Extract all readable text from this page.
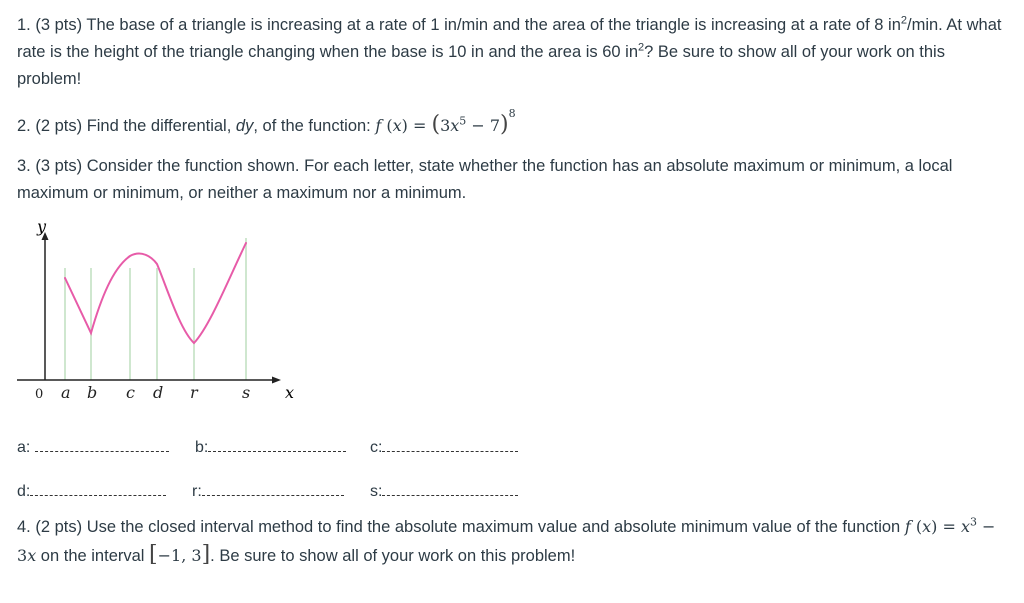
1. (3 pts) The base of a triangle is increasing at a rate of 1 in/min and the area of the triangle is increasing at a rate of 8 $in^2/\min$. At what rate is the height of the triangle changing when the base is 10 in and the area is 60 $in^2$? Be sure to show all of your work on this problem!

2. (2 pts) Find the differential, dy, of the function: f $(x) = (3x^5 - 7)^8$

3. (3 pts) Consider the function shown. For each letter, state whether the function has an absolute maximum or minimum, a local maximum or minimum, or neither a maximum nor a minimum.

y
x
0 a b c d r	s
a:	b:	c:
d:	r:	s:

4. (2 pts) Use the closed interval method to find the absolute maximum value and absolute minimum value of the function f $(x) = x^3 - 3x$ on the interval [−1, 3]. Be sure to show all of your work on this problem!
